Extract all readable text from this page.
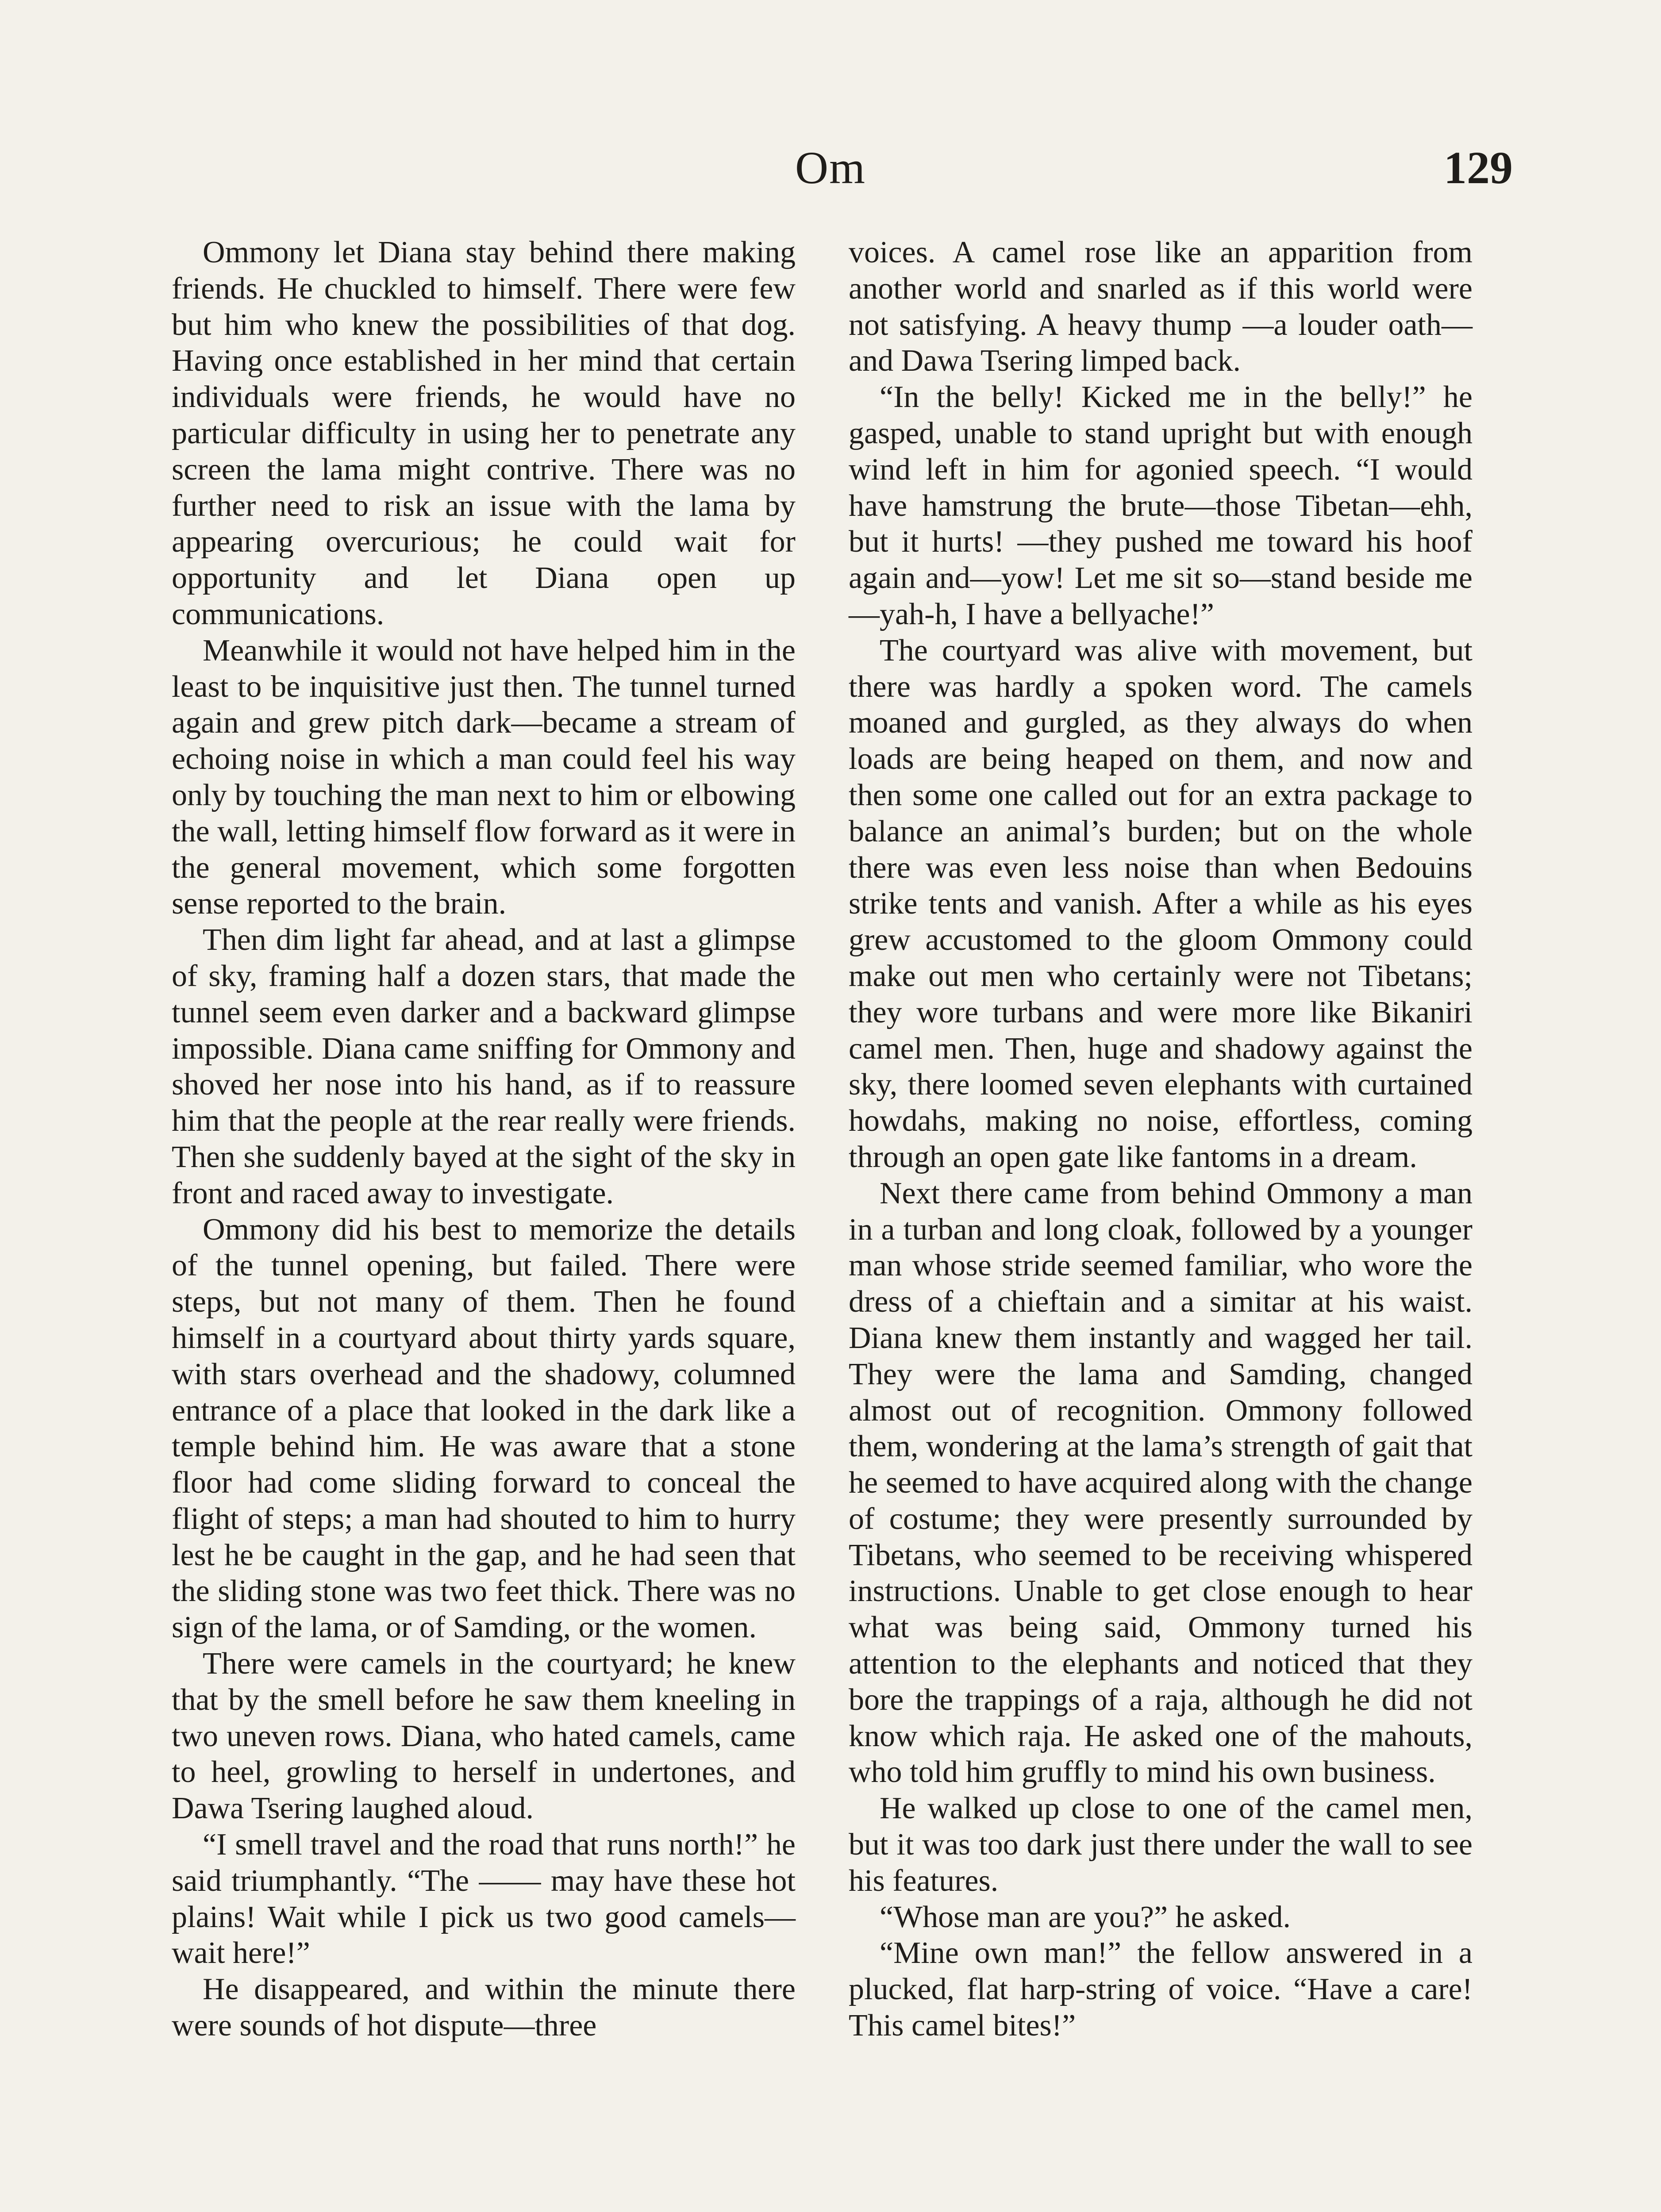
Om	129

Ommony let Diana stay behind there making friends. He chuckled to himself. There were few but him who knew the possibilities of that dog. Having once established in her mind that certain individuals were friends, he would have no particular difficulty in using her to penetrate any screen the lama might contrive. There was no further need to risk an issue with the lama by appearing overcurious; he could wait for opportunity and let Diana open up communications.

Meanwhile it would not have helped him in the least to be inquisitive just then. The tunnel turned again and grew pitch dark—became a stream of echoing noise in which a man could feel his way only by touching the man next to him or elbowing the wall, letting himself flow forward as it were in the general movement, which some forgotten sense reported to the brain.

Then dim light far ahead, and at last a glimpse of sky, framing half a dozen stars, that made the tunnel seem even darker and a backward glimpse impossible. Diana came sniffing for Ommony and shoved her nose into his hand, as if to reassure him that the people at the rear really were friends. Then she suddenly bayed at the sight of the sky in front and raced away to investigate.

Ommony did his best to memorize the details of the tunnel opening, but failed. There were steps, but not many of them. Then he found himself in a courtyard about thirty yards square, with stars overhead and the shadowy, columned entrance of a place that looked in the dark like a temple behind him. He was aware that a stone floor had come sliding forward to conceal the flight of steps; a man had shouted to him to hurry lest he be caught in the gap, and he had seen that the sliding stone was two feet thick. There was no sign of the lama, or of Samding, or the women.

There were camels in the courtyard; he knew that by the smell before he saw them kneeling in two uneven rows. Diana, who hated camels, came to heel, growling to herself in undertones, and Dawa Tsering laughed aloud.

“I smell travel and the road that runs north!” he said triumphantly. “The —— may have these hot plains! Wait while I pick us two good camels—wait here!”

He disappeared, and within the minute there were sounds of hot dispute—three

voices. A camel rose like an apparition from another world and snarled as if this world were not satisfying. A heavy thump —a louder oath—and Dawa Tsering limped back.

“In the belly! Kicked me in the belly!” he gasped, unable to stand upright but with enough wind left in him for agonied speech. “I would have hamstrung the brute—those Tibetan—ehh, but it hurts! —they pushed me toward his hoof again and—yow! Let me sit so—stand beside me—yah-h, I have a bellyache!”

The courtyard was alive with movement, but there was hardly a spoken word. The camels moaned and gurgled, as they always do when loads are being heaped on them, and now and then some one called out for an extra package to balance an animal’s burden; but on the whole there was even less noise than when Bedouins strike tents and vanish. After a while as his eyes grew accustomed to the gloom Ommony could make out men who certainly were not Tibetans; they wore turbans and were more like Bikaniri camel men. Then, huge and shadowy against the sky, there loomed seven elephants with curtained howdahs, making no noise, effortless, coming through an open gate like fantoms in a dream.

Next there came from behind Ommony a man in a turban and long cloak, followed by a younger man whose stride seemed familiar, who wore the dress of a chieftain and a simitar at his waist. Diana knew them instantly and wagged her tail. They were the lama and Samding, changed almost out of recognition. Ommony followed them, wondering at the lama’s strength of gait that he seemed to have acquired along with the change of costume; they were presently surrounded by Tibetans, who seemed to be receiving whispered instructions. Unable to get close enough to hear what was being said, Ommony turned his attention to the elephants and noticed that they bore the trappings of a raja, although he did not know which raja. He asked one of the mahouts, who told him gruffly to mind his own business.

He walked up close to one of the camel men, but it was too dark just there under the wall to see his features.

“Whose man are you?” he asked.

“Mine own man!” the fellow answered in a plucked, flat harp-string of voice. “Have a care! This camel bites!”
